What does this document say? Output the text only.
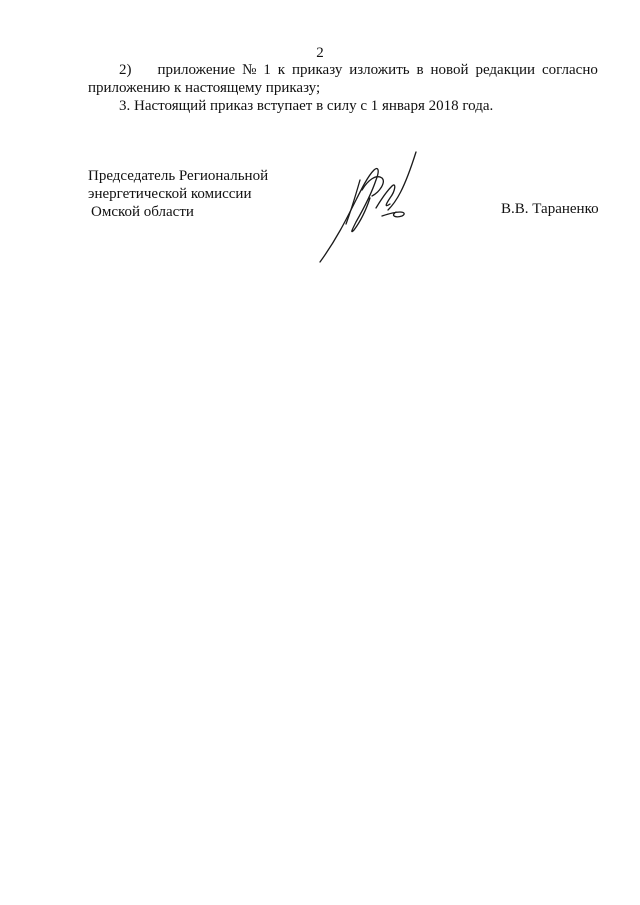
2
2) приложение № 1 к приказу изложить в новой редакции согласно
приложению к настоящему приказу;
3. Настоящий приказ вступает в силу с 1 января 2018 года.
Председатель Региональной
энергетической комиссии
Омской области	В.В. Тараненко
